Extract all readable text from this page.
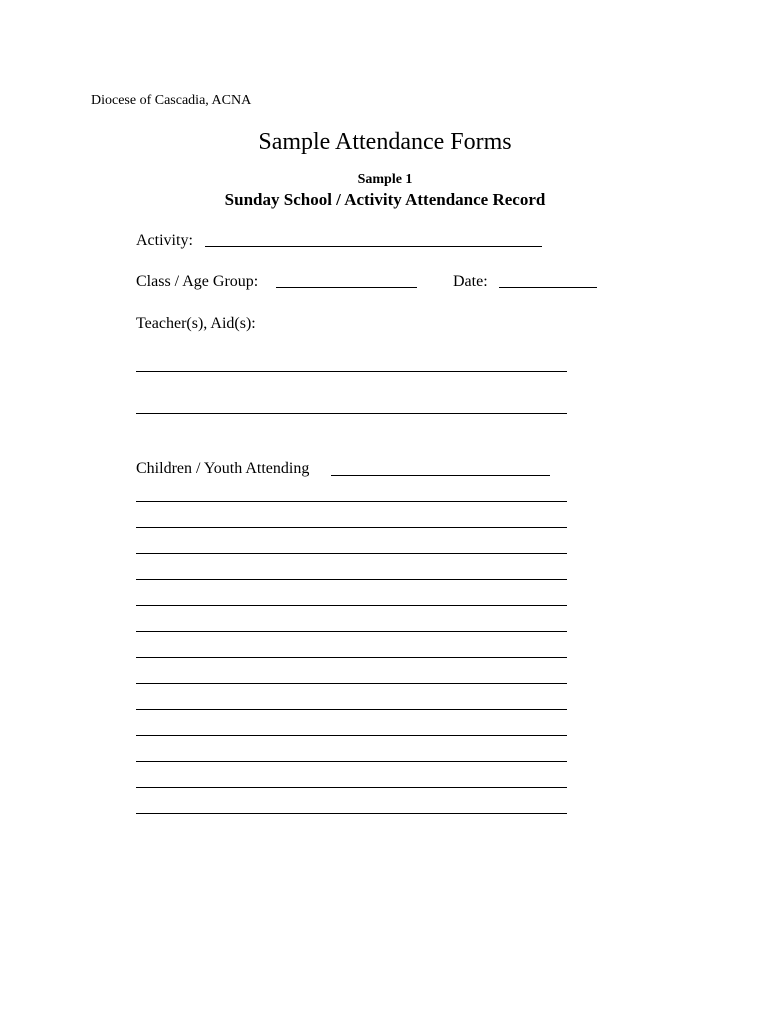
Diocese of Cascadia, ACNA
Sample Attendance Forms
Sample 1
Sunday School / Activity Attendance Record
Activity:
Class / Age Group:	Date:
Teacher(s), Aid(s):
Children / Youth Attending
